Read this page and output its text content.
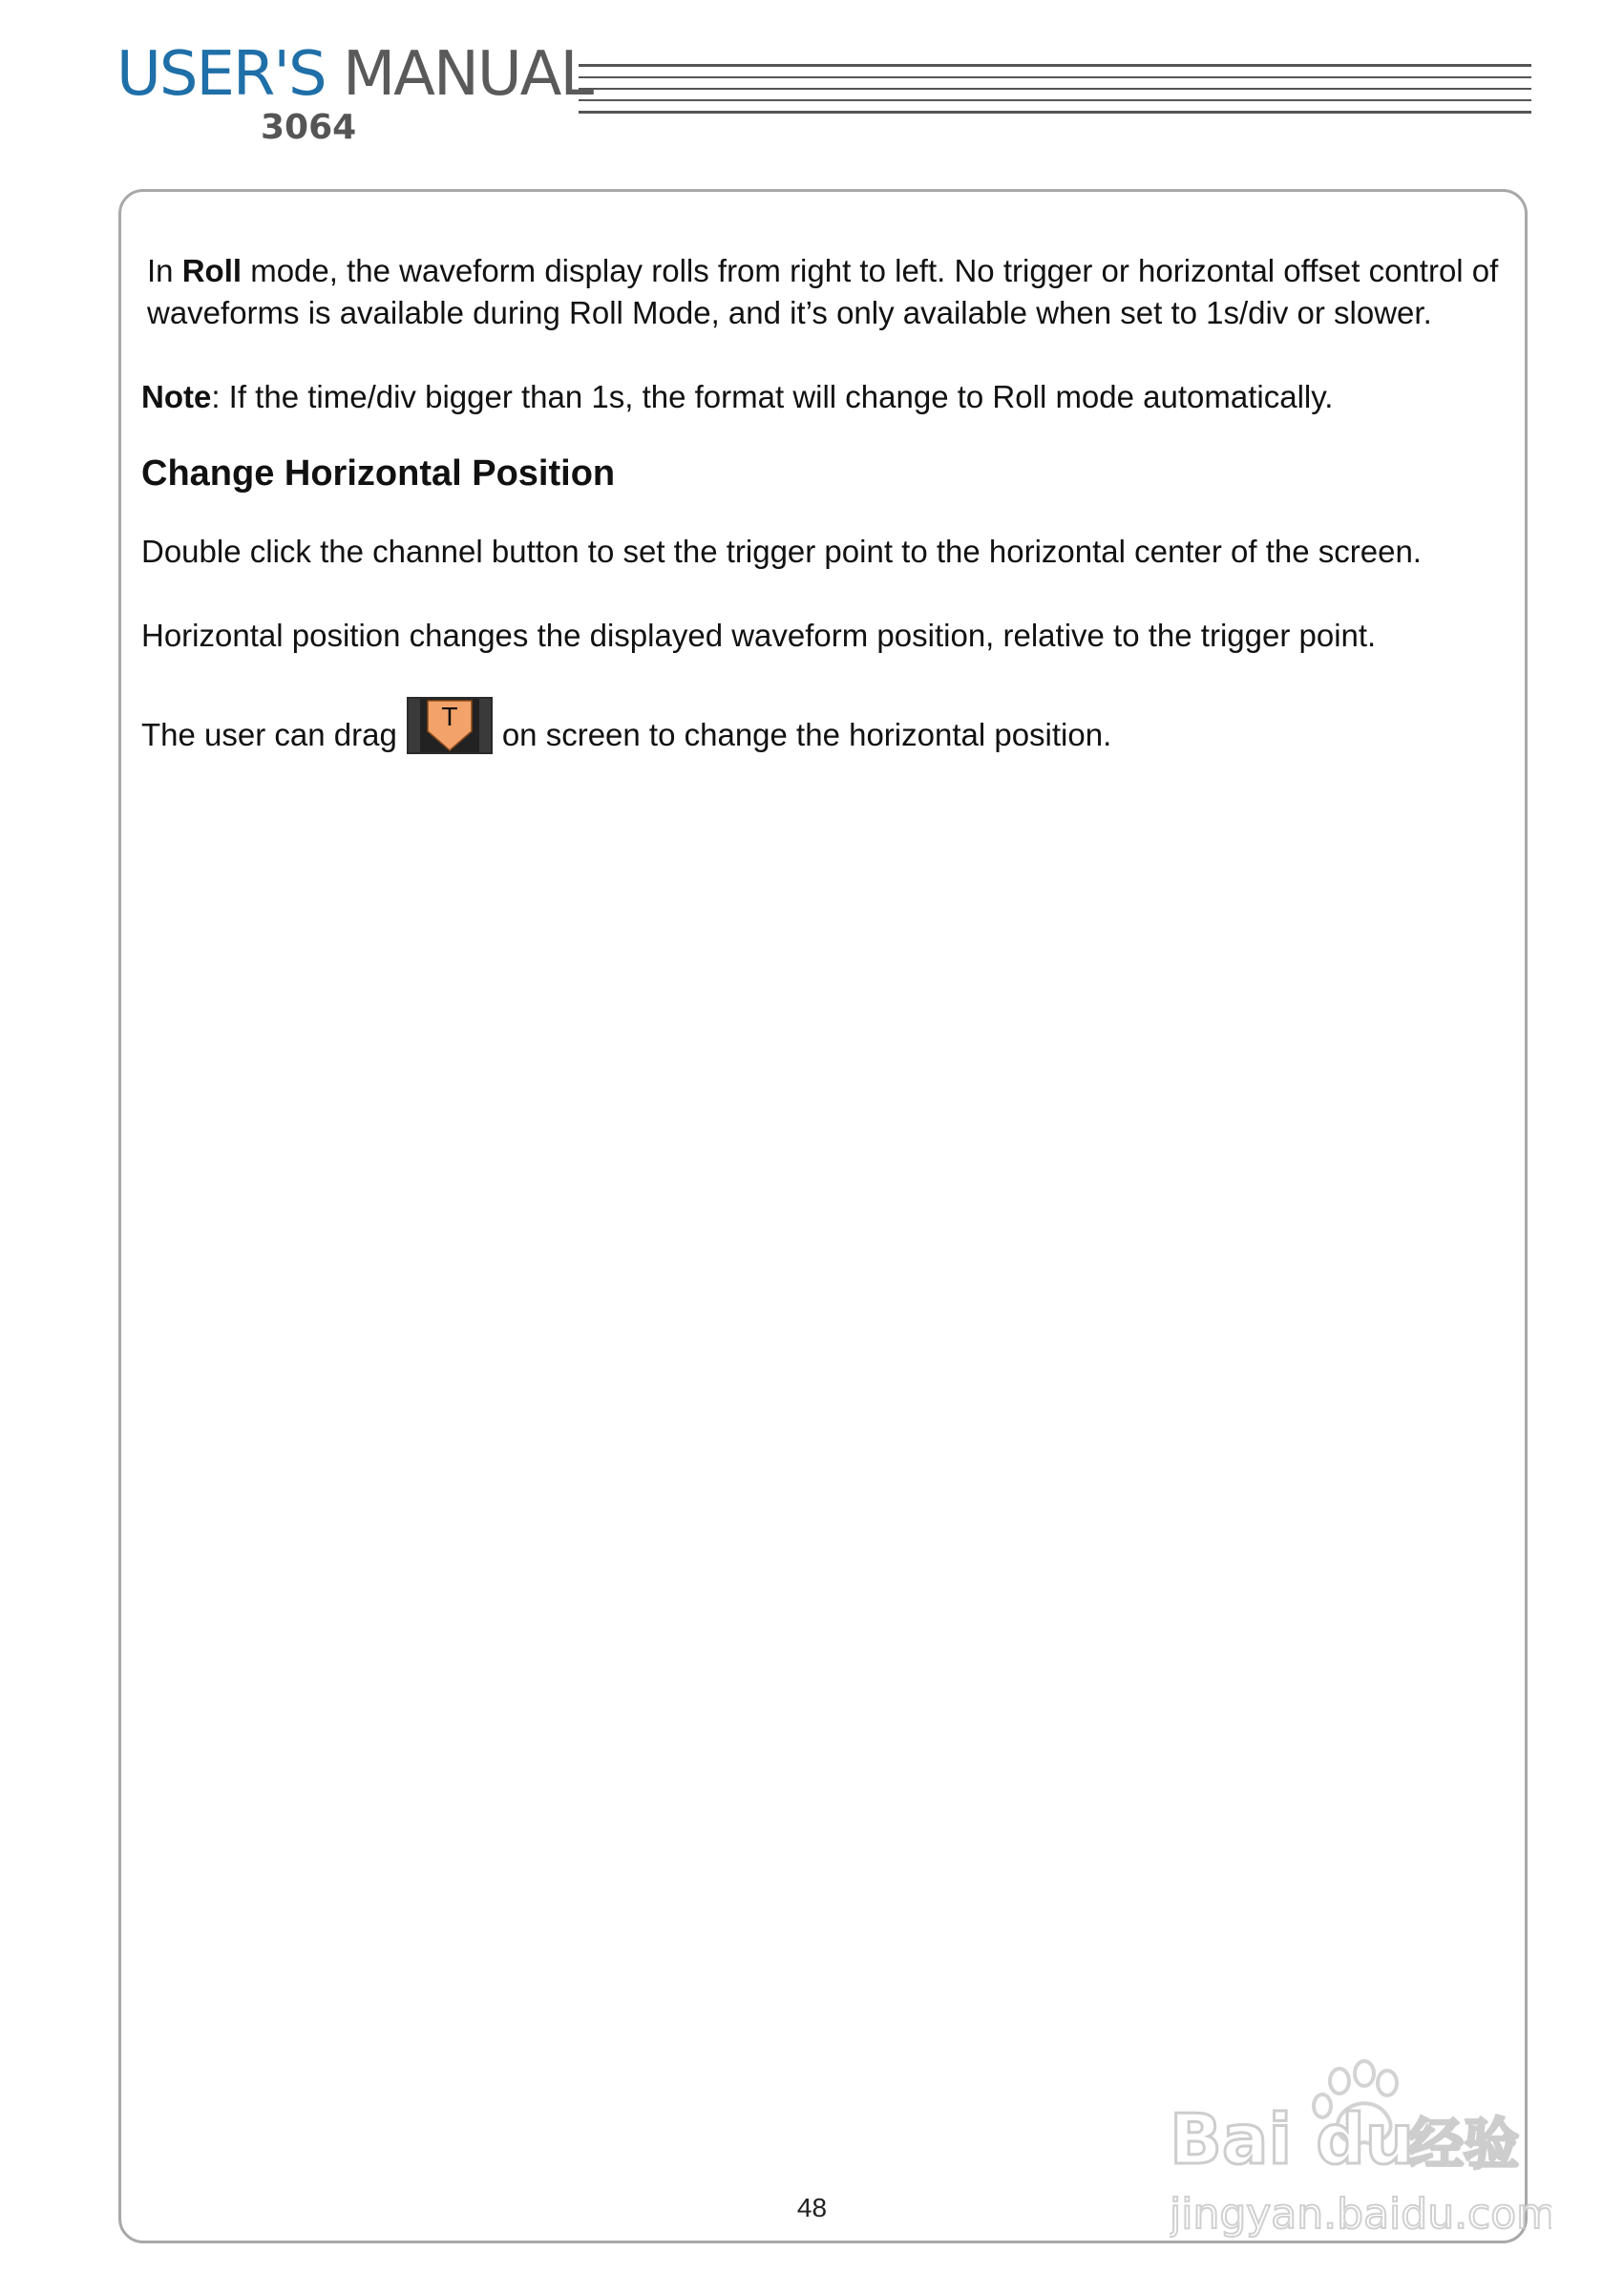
USER'S MANUAL
3064

In Roll mode, the waveform display rolls from right to left. No trigger or horizontal offset control of waveforms is available during Roll Mode, and it’s only available when set to 1s/div or slower.

Note: If the time/div bigger than 1s, the format will change to Roll mode automatically.

Change Horizontal Position

Double click the channel button to set the trigger point to the horizontal center of the screen.

Horizontal position changes the displayed waveform position, relative to the trigger point.

The user can drag T on screen to change the horizontal position.
48
Bai du
经验
jingyan.baidu.com
